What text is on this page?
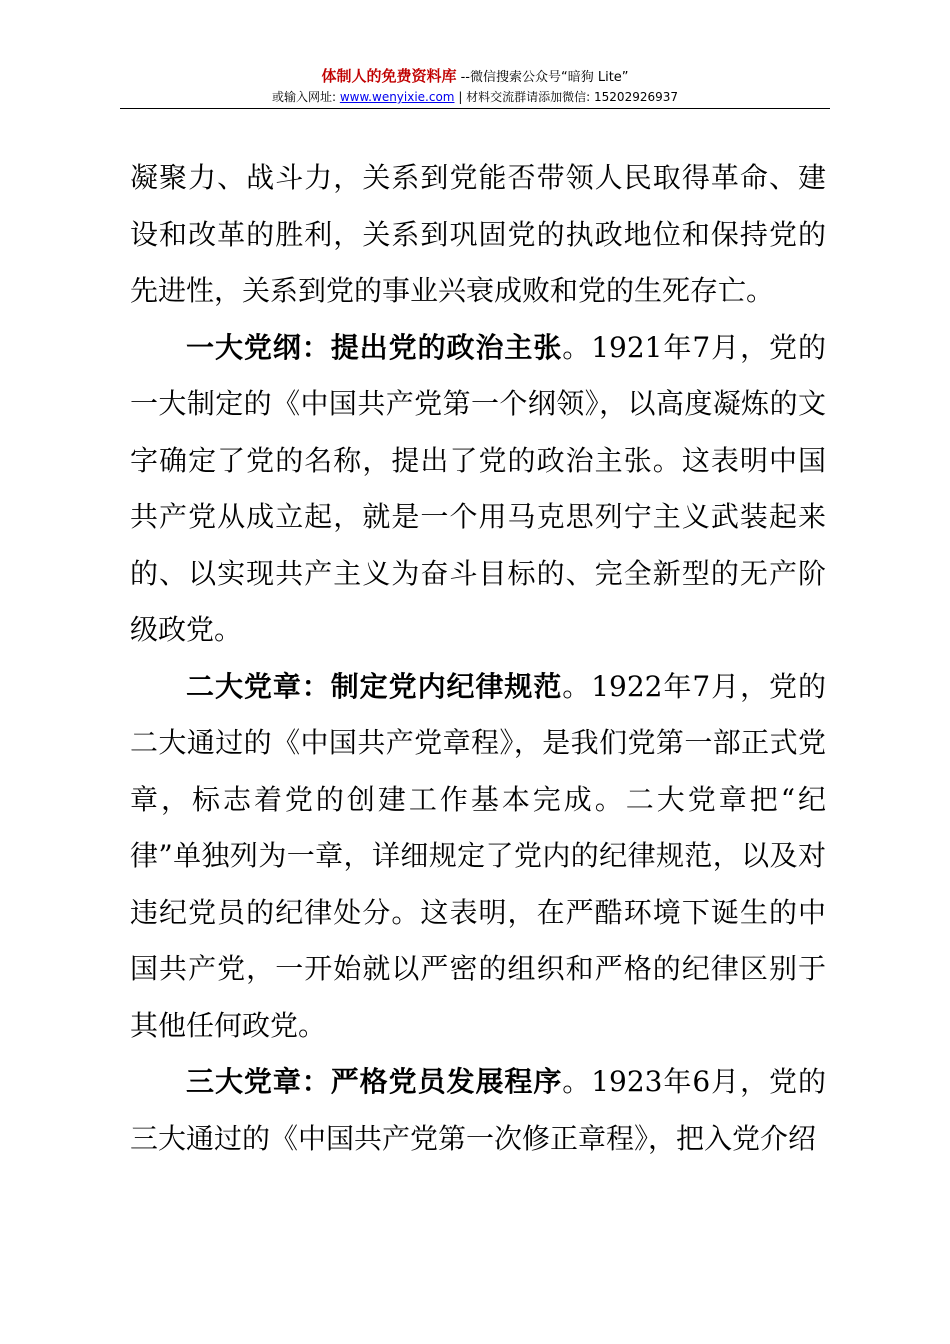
体制人的免费资料库 --微信搜索公众号“暗狗 Lite”
或输入网址: www.wenyixie.com | 材料交流群请添加微信: 15202926937

凝聚力、战斗力，关系到党能否带领人民取得革命、建设和改革的胜利，关系到巩固党的执政地位和保持党的先进性，关系到党的事业兴衰成败和党的生死存亡。

一大党纲：提出党的政治主张。1921年7月，党的一大制定的《中国共产党第一个纲领》，以高度凝炼的文字确定了党的名称，提出了党的政治主张。这表明中国共产党从成立起，就是一个用马克思列宁主义武装起来的、以实现共产主义为奋斗目标的、完全新型的无产阶级政党。

二大党章：制定党内纪律规范。1922年7月，党的二大通过的《中国共产党章程》，是我们党第一部正式党章，标志着党的创建工作基本完成。二大党章把“纪律”单独列为一章，详细规定了党内的纪律规范，以及对违纪党员的纪律处分。这表明，在严酷环境下诞生的中国共产党，一开始就以严密的组织和严格的纪律区别于其他任何政党。

三大党章：严格党员发展程序。1923年6月，党的三大通过的《中国共产党第一次修正章程》，把入党介绍
